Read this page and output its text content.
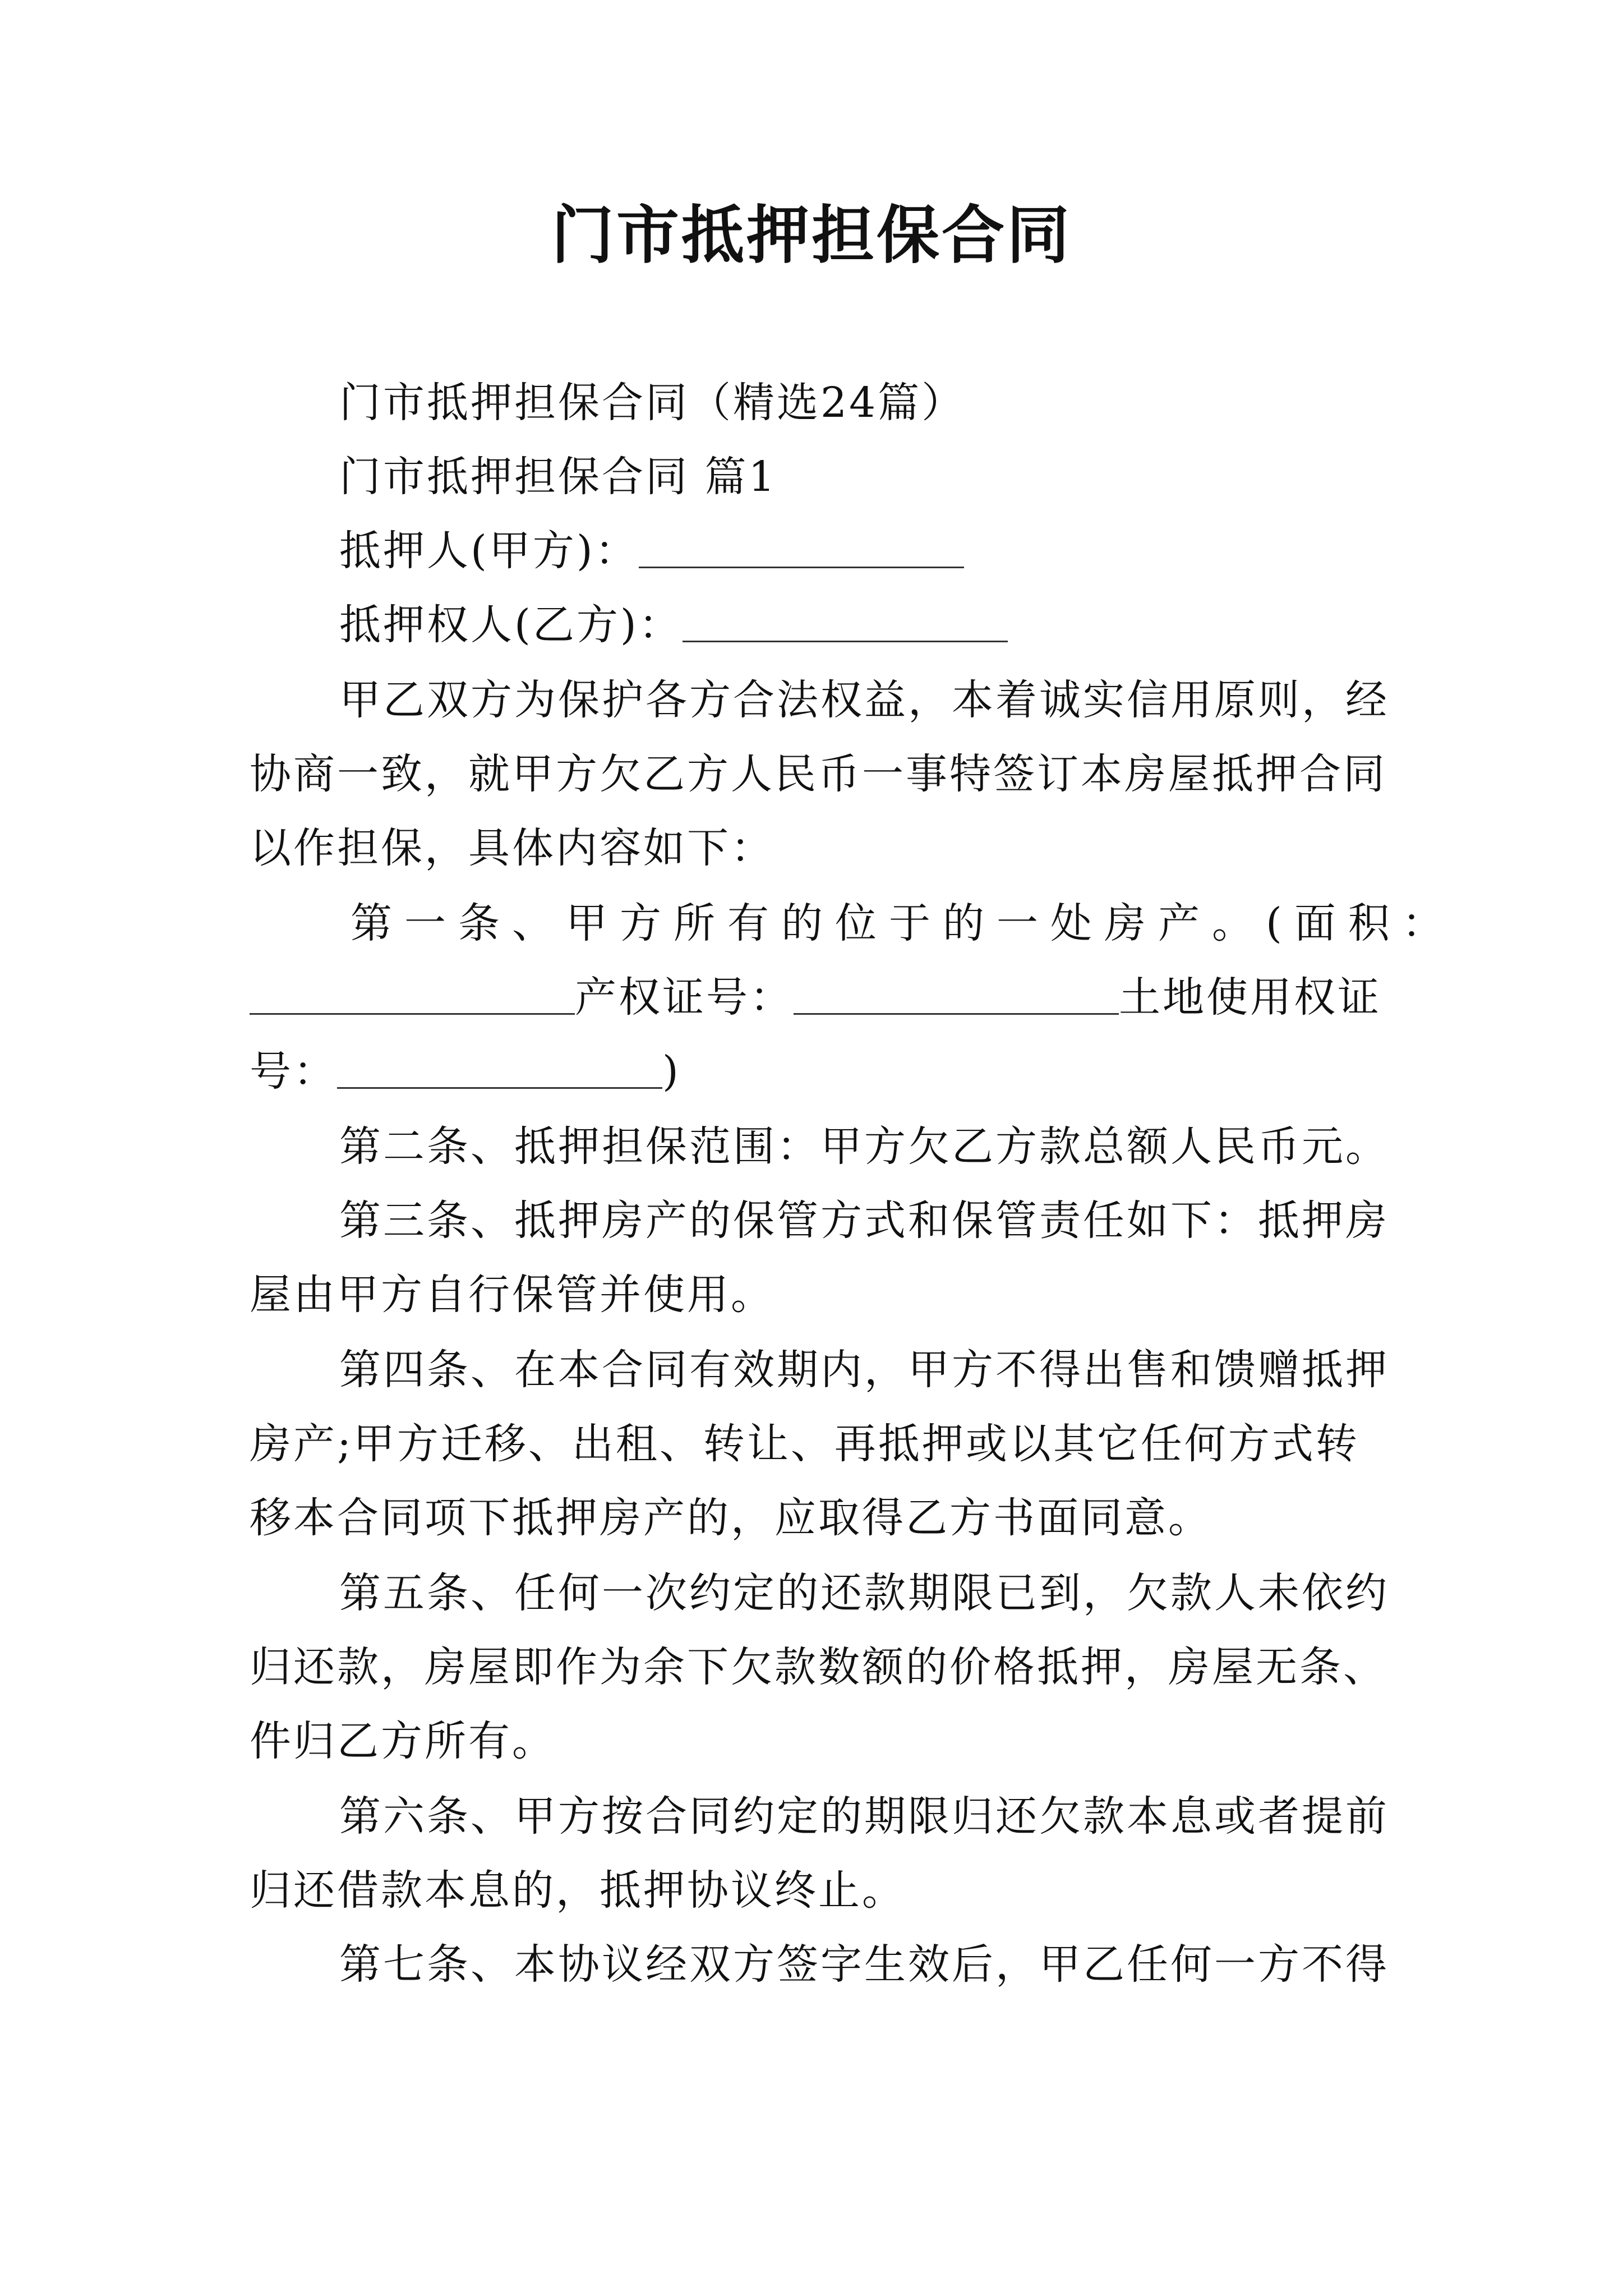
门市抵押担保合同
门市抵押担保合同（精选24篇）
门市抵押担保合同 篇1
抵押人(甲方)：
抵押权人(乙方)：
甲乙双方为保护各方合法权益，本着诚实信用原则，经
协商一致，就甲方欠乙方人民币一事特签订本房屋抵押合同
以作担保，具体内容如下：
第一条、甲方所有的位于的一处房产。(面积：
产权证号：	土地使用权证
号：	)
第二条、抵押担保范围：甲方欠乙方款总额人民币元。
第三条、抵押房产的保管方式和保管责任如下：抵押房
屋由甲方自行保管并使用。
第四条、在本合同有效期内，甲方不得出售和馈赠抵押
房产;甲方迁移、出租、转让、再抵押或以其它任何方式转
移本合同项下抵押房产的，应取得乙方书面同意。
第五条、任何一次约定的还款期限已到，欠款人未依约
归还款，房屋即作为余下欠款数额的价格抵押，房屋无条、
件归乙方所有。
第六条、甲方按合同约定的期限归还欠款本息或者提前
归还借款本息的，抵押协议终止。
第七条、本协议经双方签字生效后，甲乙任何一方不得
